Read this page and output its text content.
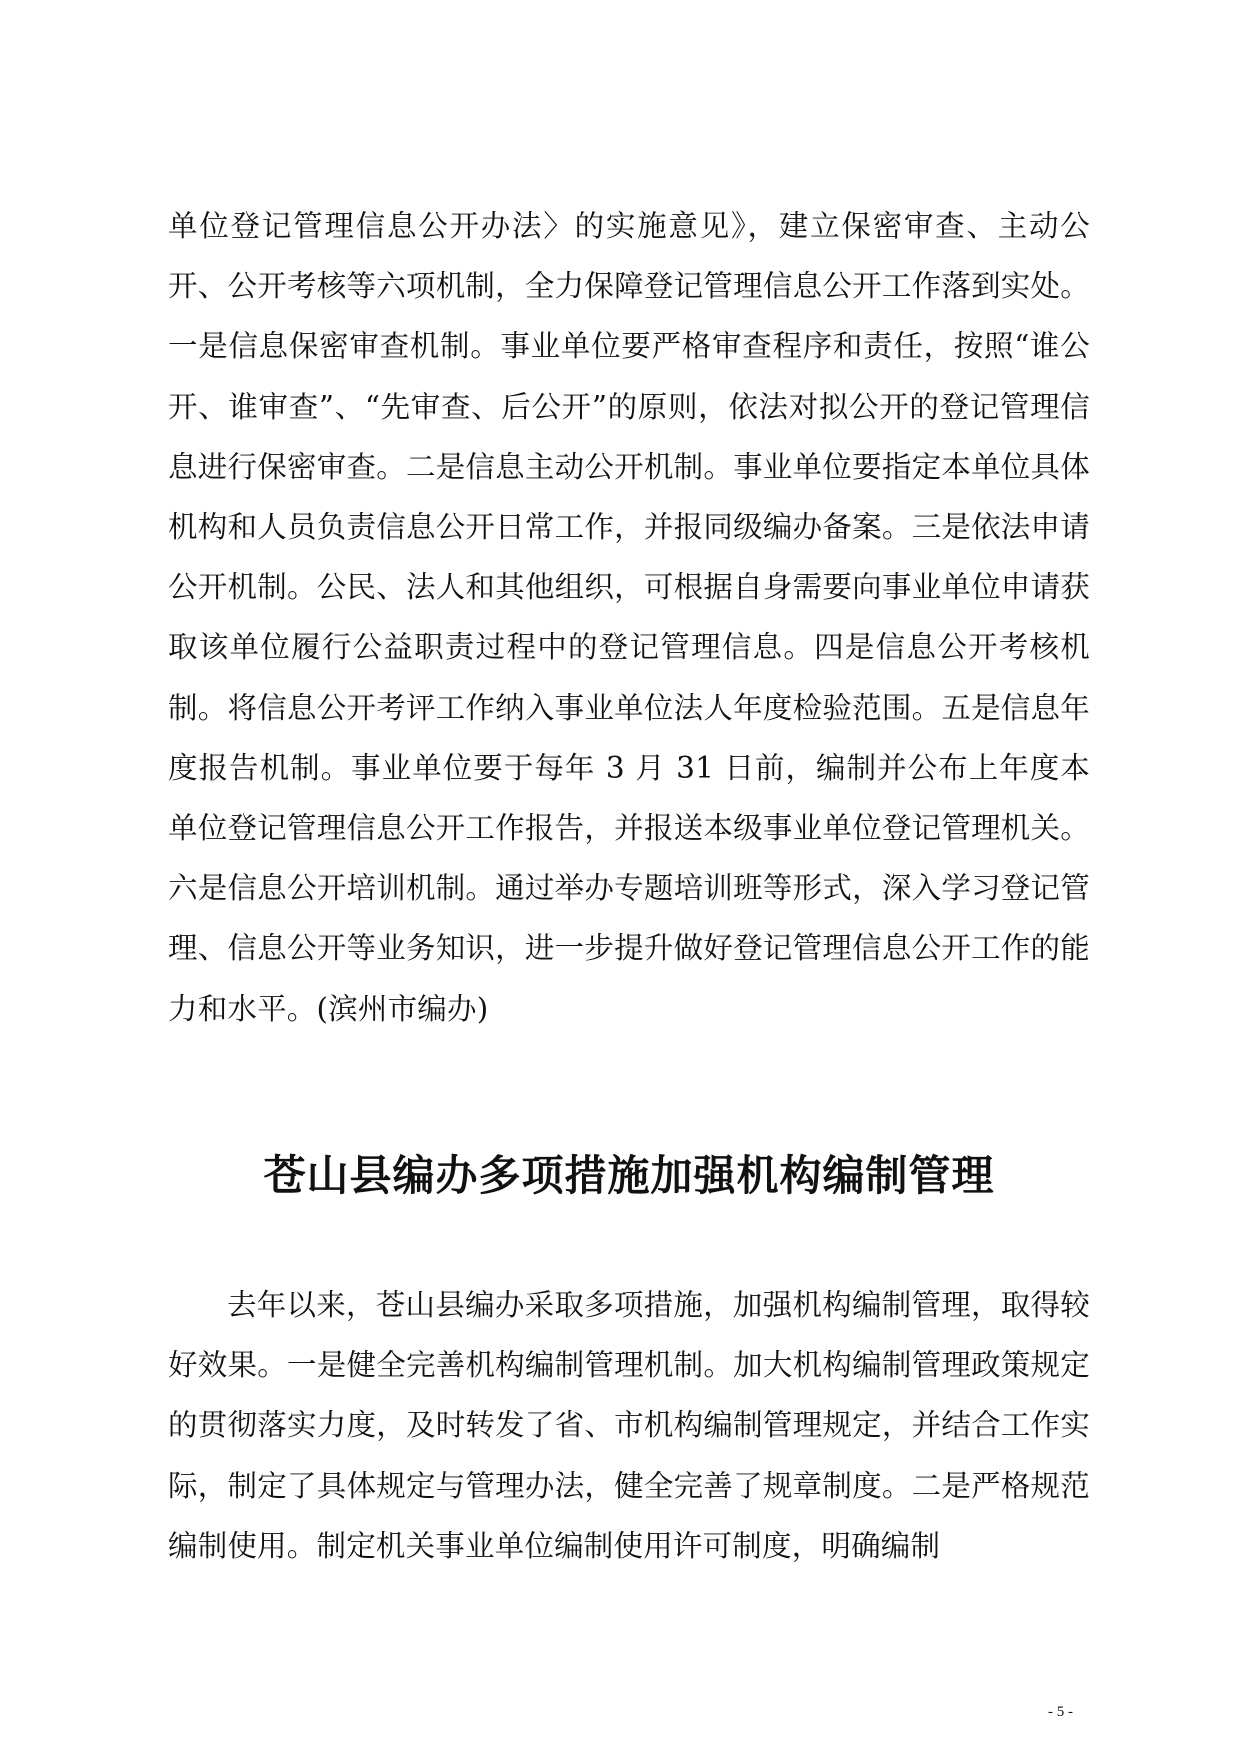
单位登记管理信息公开办法〉的实施意见》，建立保密审查、主动公开、公开考核等六项机制，全力保障登记管理信息公开工作落到实处。一是信息保密审查机制。事业单位要严格审查程序和责任，按照“谁公开、谁审查”、“先审查、后公开”的原则，依法对拟公开的登记管理信息进行保密审查。二是信息主动公开机制。事业单位要指定本单位具体机构和人员负责信息公开日常工作，并报同级编办备案。三是依法申请公开机制。公民、法人和其他组织，可根据自身需要向事业单位申请获取该单位履行公益职责过程中的登记管理信息。四是信息公开考核机制。将信息公开考评工作纳入事业单位法人年度检验范围。五是信息年度报告机制。事业单位要于每年 3 月 31 日前，编制并公布上年度本单位登记管理信息公开工作报告，并报送本级事业单位登记管理机关。六是信息公开培训机制。通过举办专题培训班等形式，深入学习登记管理、信息公开等业务知识，进一步提升做好登记管理信息公开工作的能力和水平。(滨州市编办)

苍山县编办多项措施加强机构编制管理

去年以来，苍山县编办采取多项措施，加强机构编制管理，取得较好效果。一是健全完善机构编制管理机制。加大机构编制管理政策规定的贯彻落实力度，及时转发了省、市机构编制管理规定，并结合工作实际，制定了具体规定与管理办法，健全完善了规章制度。二是严格规范编制使用。制定机关事业单位编制使用许可制度，明确编制

- 5 -
